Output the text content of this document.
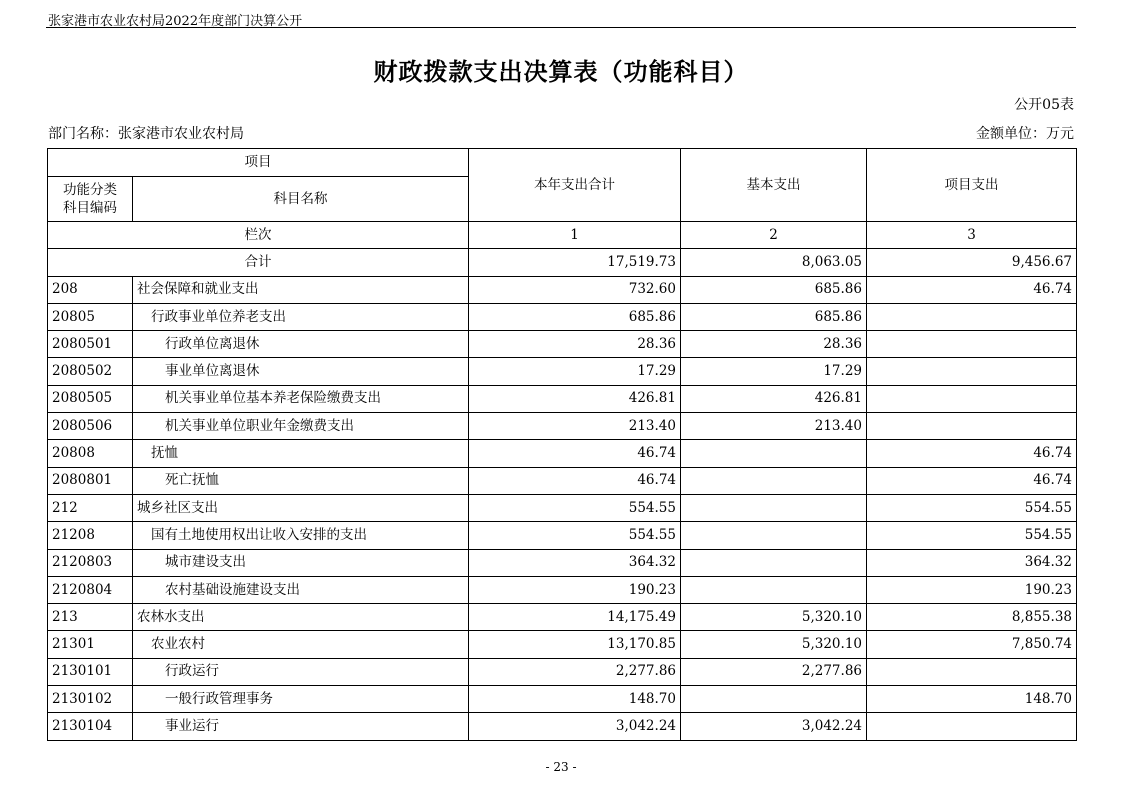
张家港市农业农村局2022年度部门决算公开
财政拨款支出决算表（功能科目）
公开05表
部门名称：张家港市农业农村局	金额单位：万元
项目		本年支出合计	基本支出	项目支出
功能分类
科目编码	科目名称			
栏次		1	2	3
合计		17,519.73	8,063.05	9,456.67
208	社会保障和就业支出	732.60	685.86	46.74
20805	行政事业单位养老支出	685.86	685.86	
2080501	行政单位离退休	28.36	28.36	
2080502	事业单位离退休	17.29	17.29	
2080505	机关事业单位基本养老保险缴费支出	426.81	426.81	
2080506	机关事业单位职业年金缴费支出	213.40	213.40	
20808	抚恤	46.74		46.74
2080801	死亡抚恤	46.74		46.74
212	城乡社区支出	554.55		554.55
21208	国有土地使用权出让收入安排的支出	554.55		554.55
2120803	城市建设支出	364.32		364.32
2120804	农村基础设施建设支出	190.23		190.23
213	农林水支出	14,175.49	5,320.10	8,855.38
21301	农业农村	13,170.85	5,320.10	7,850.74
2130101	行政运行	2,277.86	2,277.86	
2130102	一般行政管理事务	148.70		148.70
2130104	事业运行	3,042.24	3,042.24	
- 23 -
